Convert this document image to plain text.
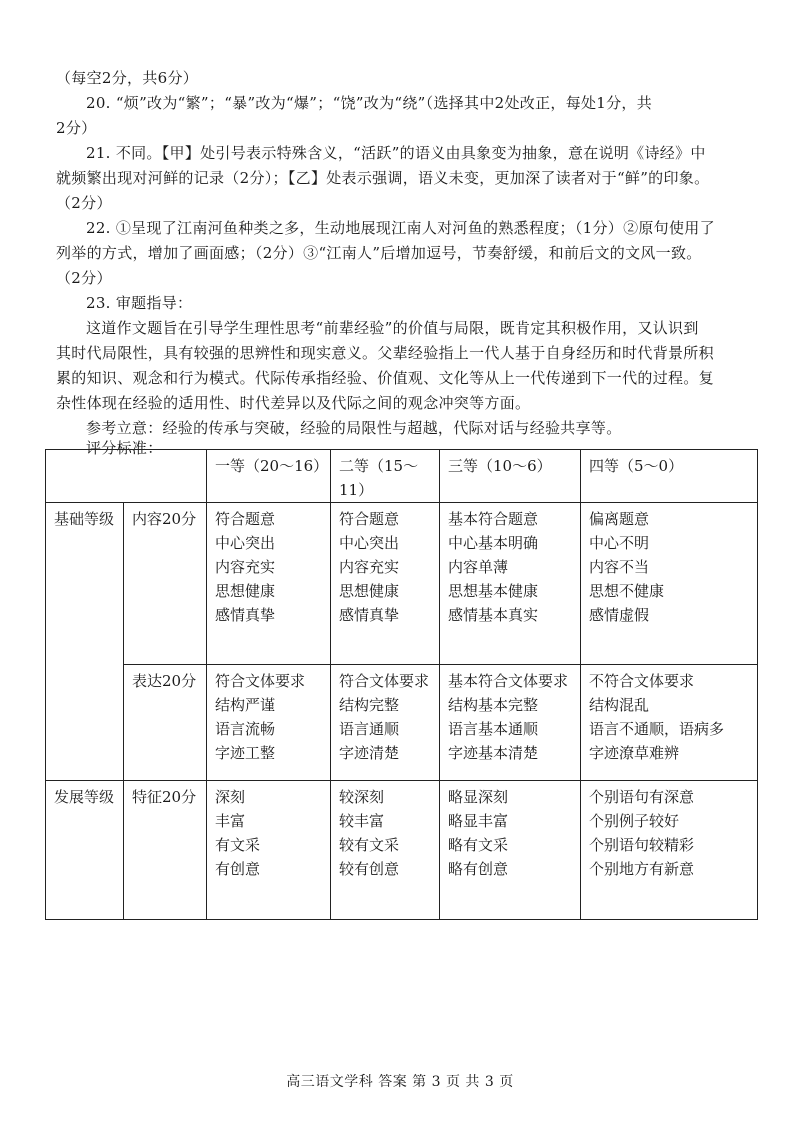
（每空2分，共6分）
20. “烦”改为“繁”；“暴”改为“爆”；“饶”改为“绕”（选择其中2处改正，每处1分，共
2分）
21. 不同。【甲】处引号表示特殊含义，“活跃”的语义由具象变为抽象，意在说明《诗经》中
就频繁出现对河鲜的记录（2分）；【乙】处表示强调，语义未变，更加深了读者对于“鲜”的印象。
（2分）
22. ①呈现了江南河鱼种类之多，生动地展现江南人对河鱼的熟悉程度；（1分）②原句使用了
列举的方式，增加了画面感；（2分）③“江南人”后增加逗号，节奏舒缓，和前后文的文风一致。
（2分）
23. 审题指导：
这道作文题旨在引导学生理性思考“前辈经验”的价值与局限，既肯定其积极作用，又认识到
其时代局限性，具有较强的思辨性和现实意义。父辈经验指上一代人基于自身经历和时代背景所积
累的知识、观念和行为模式。代际传承指经验、价值观、文化等从上一代传递到下一代的过程。复
杂性体现在经验的适用性、时代差异以及代际之间的观念冲突等方面。
参考立意：经验的传承与突破，经验的局限性与超越，代际对话与经验共享等。
评分标准：
		一等（20～16）	二等（15～11）	三等（10～6）	四等（5～0）
基础等级	内容20分	符合题意
中心突出
内容充实
思想健康
感情真挚	符合题意
中心突出
内容充实
思想健康
感情真挚	基本符合题意
中心基本明确
内容单薄
思想基本健康
感情基本真实	偏离题意
中心不明
内容不当
思想不健康
感情虚假

	表达20分	符合文体要求
结构严谨
语言流畅
字迹工整	符合文体要求
结构完整
语言通顺
字迹清楚	基本符合文体要求
结构基本完整
语言基本通顺
字迹基本清楚	不符合文体要求
结构混乱
语言不通顺，语病多
字迹潦草难辨

发展等级	特征20分	深刻
丰富
有文采
有创意	较深刻
较丰富
较有文采
较有创意	略显深刻
略显丰富
略有文采
略有创意	个别语句有深意
个别例子较好
个别语句较精彩
个别地方有新意
高三语文学科 答案 第 3 页 共 3 页
